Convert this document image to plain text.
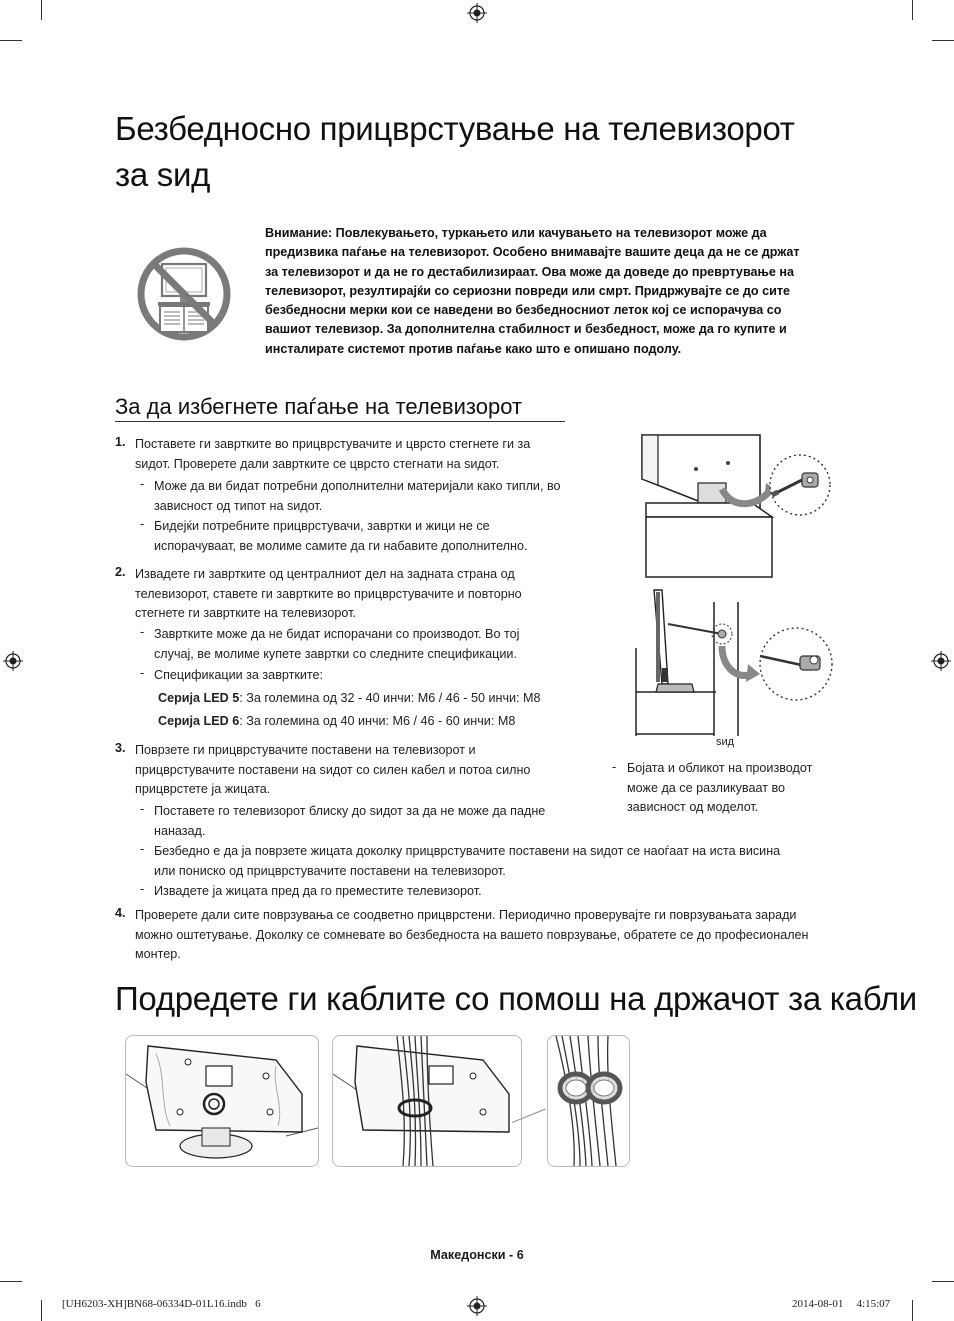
Безбедносно прицврстување на телевизорот
за ѕид
Внимание: Повлекувањето, туркањето или качувањето на телевизорот може да
предизвика паѓање на телевизорот. Особено внимавајте вашите деца да не се држат
за телевизорот и да не го дестабилизираат. Ова може да доведе до превртување на
телевизорот, резултирајќи со сериозни повреди или смрт. Придржувајте се до сите
безбедносни мерки кои се наведени во безбедносниот леток кој се испорачува со
вашиот телевизор. За дополнителна стабилност и безбедност, може да го купите и
инсталирате системот против паѓање како што е опишано подолу.
За да избегнете паѓање на телевизорот
1. Поставете ги завртките во прицврстувачите и цврсто стегнете ги за
ѕидот. Проверете дали завртките се цврсто стегнати на ѕидот.
- Може да ви бидат потребни дополнителни материјали како типли, во
зависност од типот на ѕидот.
- Бидејќи потребните прицврстувачи, завртки и жици не се
испорачуваат, ве молиме самите да ги набавите дополнително.
2. Извадете ги завртките од централниот дел на задната страна од
телевизорот, ставете ги завртките во прицврстувачите и повторно
стегнете ги завртките на телевизорот.
- Завртките може да не бидат испорачани со производот. Во тој
случај, ве молиме купете завртки со следните спецификации.
- Спецификации за завртките:
Серија LED 5: За големина од 32 - 40 инчи: M6 / 46 - 50 инчи: M8
Серија LED 6: За големина од 40 инчи: M6 / 46 - 60 инчи: M8
3. Поврзете ги прицврстувачите поставени на телевизорот и
прицврстувачите поставени на ѕидот со силен кабел и потоа силно
прицврстете ја жицата.
- Поставете го телевизорот блиску до ѕидот за да не може да падне
наназад.
- Безбедно е да ја поврзете жицата доколку прицврстувачите поставени на ѕидот се наоѓаат на иста висина
или пониско од прицврстувачите поставени на телевизорот.
- Извадете ја жицата пред да го преместите телевизорот.
4. Проверете дали сите поврзувања се соодветно прицврстени. Периодично проверувајте ги поврзувањата заради
можно оштетување. Доколку се сомневате во безбедноста на вашето поврзување, обратете се до професионален
монтер.
ѕид
- Бојата и обликот на производот
може да се разликуваат во
зависност од моделот.
Подредете ги каблите со помош на држачот за кабли
Македонски - 6
[UH6203-XH]BN68-06334D-01L16.indb   6	2014-08-01     4:15:07
